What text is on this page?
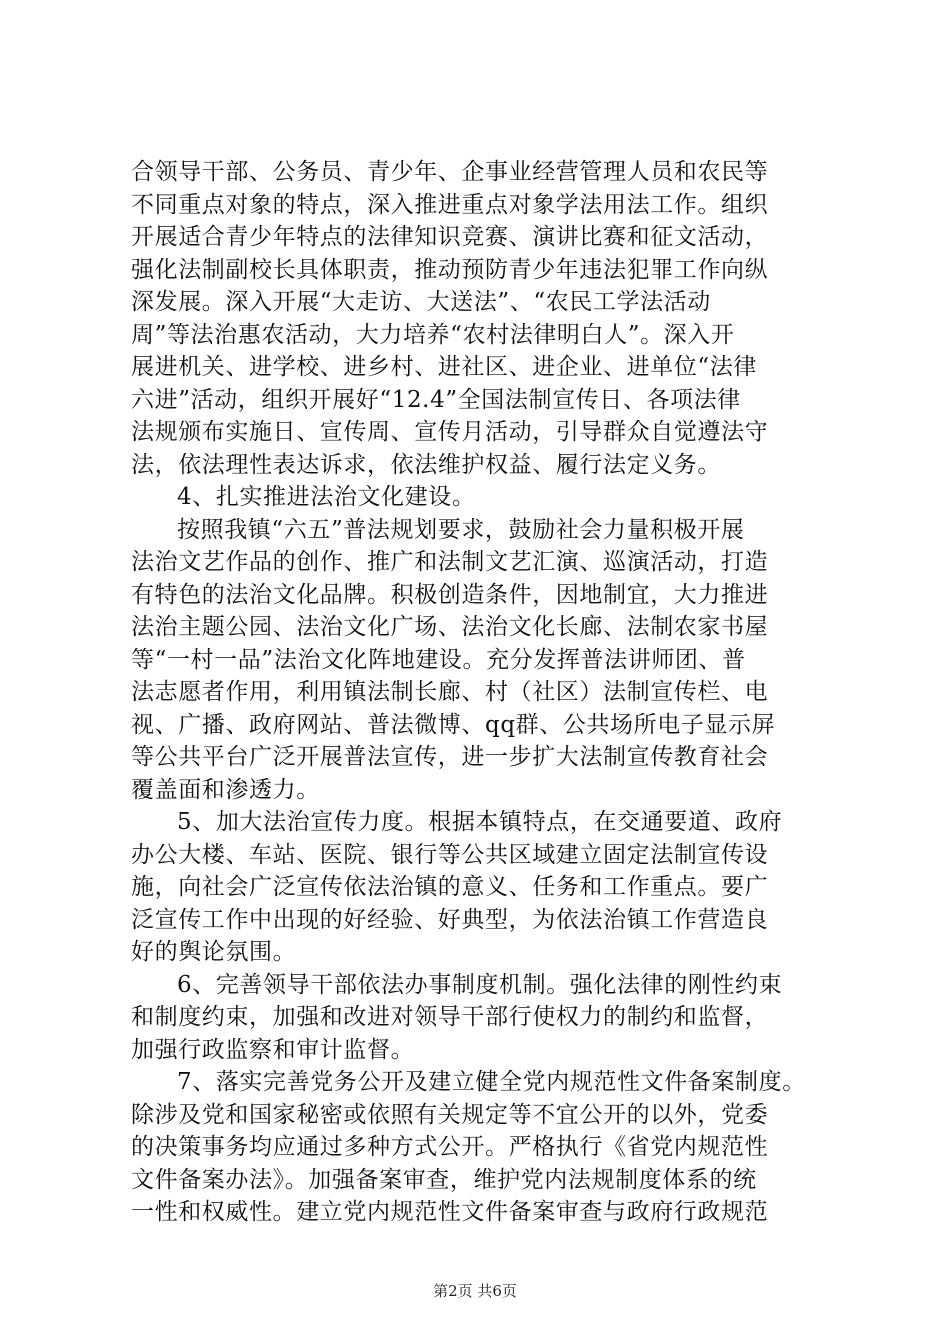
合领导干部、公务员、青少年、企事业经营管理人员和农民等
不同重点对象的特点，深入推进重点对象学法用法工作。组织
开展适合青少年特点的法律知识竞赛、演讲比赛和征文活动，
强化法制副校长具体职责，推动预防青少年违法犯罪工作向纵
深发展。深入开展“大走访、大送法”、“农民工学法活动
周”等法治惠农活动，大力培养“农村法律明白人”。深入开
展进机关、进学校、进乡村、进社区、进企业、进单位“法律
六进”活动，组织开展好“12.4”全国法制宣传日、各项法律
法规颁布实施日、宣传周、宣传月活动，引导群众自觉遵法守
法，依法理性表达诉求，依法维护权益、履行法定义务。
4、扎实推进法治文化建设。
按照我镇“六五”普法规划要求，鼓励社会力量积极开展
法治文艺作品的创作、推广和法制文艺汇演、巡演活动，打造
有特色的法治文化品牌。积极创造条件，因地制宜，大力推进
法治主题公园、法治文化广场、法治文化长廊、法制农家书屋
等“一村一品”法治文化阵地建设。充分发挥普法讲师团、普
法志愿者作用，利用镇法制长廊、村（社区）法制宣传栏、电
视、广播、政府网站、普法微博、qq群、公共场所电子显示屏
等公共平台广泛开展普法宣传，进一步扩大法制宣传教育社会
覆盖面和渗透力。
5、加大法治宣传力度。根据本镇特点，在交通要道、政府
办公大楼、车站、医院、银行等公共区域建立固定法制宣传设
施，向社会广泛宣传依法治镇的意义、任务和工作重点。要广
泛宣传工作中出现的好经验、好典型，为依法治镇工作营造良
好的舆论氛围。
6、完善领导干部依法办事制度机制。强化法律的刚性约束
和制度约束，加强和改进对领导干部行使权力的制约和监督，
加强行政监察和审计监督。
7、落实完善党务公开及建立健全党内规范性文件备案制度。
除涉及党和国家秘密或依照有关规定等不宜公开的以外，党委
的决策事务均应通过多种方式公开。严格执行《省党内规范性
文件备案办法》。加强备案审查，维护党内法规制度体系的统
一性和权威性。建立党内规范性文件备案审查与政府行政规范
第2页 共6页
